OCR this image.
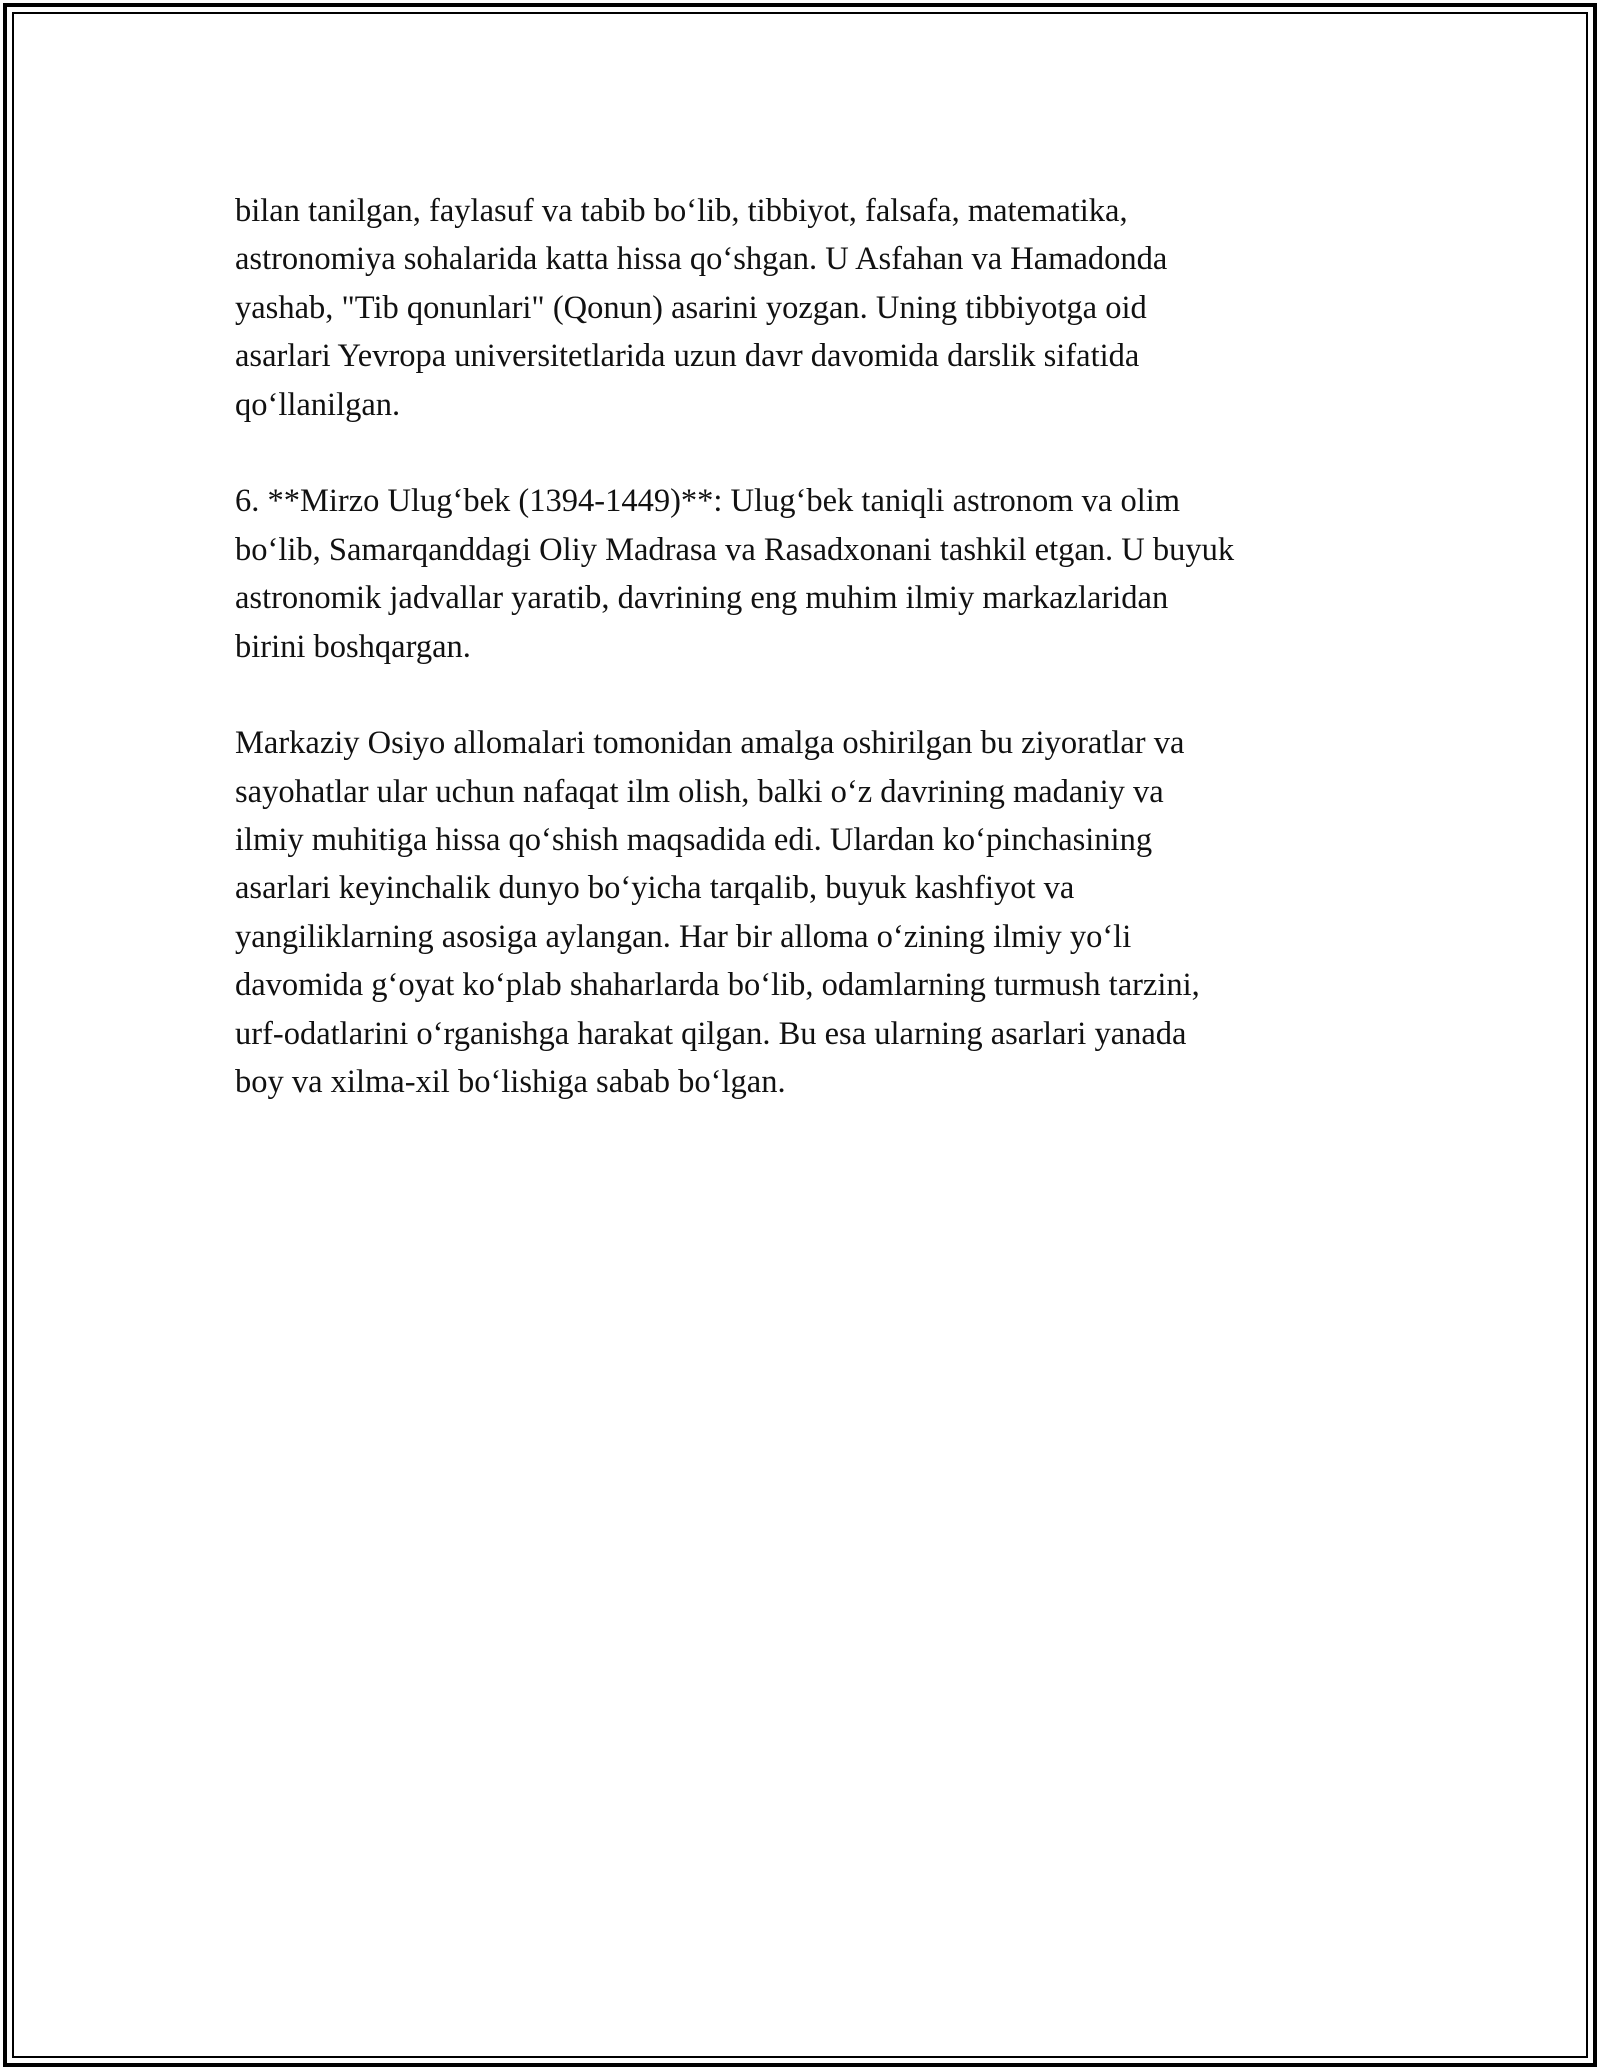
bilan tanilgan, faylasuf va tabib bo‘lib, tibbiyot, falsafa, matematika,
astronomiya sohalarida katta hissa qo‘shgan. U Asfahan va Hamadonda
yashab, "Tib qonunlari" (Qonun) asarini yozgan. Uning tibbiyotga oid
asarlari Yevropa universitetlarida uzun davr davomida darslik sifatida
qo‘llanilgan.
6. **Mirzo Ulug‘bek (1394-1449)**: Ulug‘bek taniqli astronom va olim
bo‘lib, Samarqanddagi Oliy Madrasa va Rasadxonani tashkil etgan. U buyuk
astronomik jadvallar yaratib, davrining eng muhim ilmiy markazlaridan
birini boshqargan.
Markaziy Osiyo allomalari tomonidan amalga oshirilgan bu ziyoratlar va
sayohatlar ular uchun nafaqat ilm olish, balki o‘z davrining madaniy va
ilmiy muhitiga hissa qo‘shish maqsadida edi. Ulardan ko‘pinchasining
asarlari keyinchalik dunyo bo‘yicha tarqalib, buyuk kashfiyot va
yangiliklarning asosiga aylangan. Har bir alloma o‘zining ilmiy yo‘li
davomida g‘oyat ko‘plab shaharlarda bo‘lib, odamlarning turmush tarzini,
urf-odatlarini o‘rganishga harakat qilgan. Bu esa ularning asarlari yanada
boy va xilma-xil bo‘lishiga sabab bo‘lgan.
